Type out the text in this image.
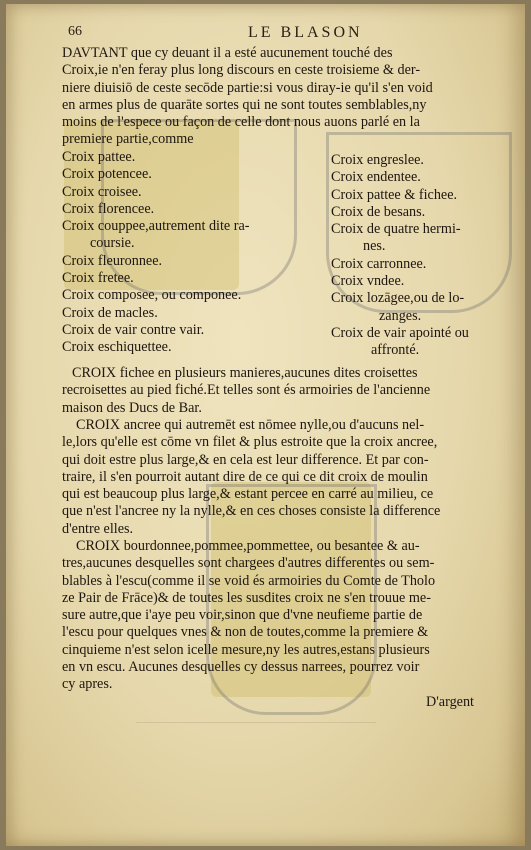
66	LE BLASON
DAVTANT que cy deuant il a esté aucunement touché des
Croix,ie n'en feray plus long discours en ceste troisieme & der-
niere diuisiō de ceste secōde partie:si vous diray-ie qu'il s'en void
en armes plus de quarāte sortes qui ne sont toutes semblables,ny
moins de l'espece ou façon de celle dont nous auons parlé en la
premiere partie,comme
Croix pattee.
Croix potencee.
Croix croisee.
Croix florencee.
Croix couppee,autrement dite ra-
coursie.
Croix fleuronnee.
Croix fretee.
Croix composee, ou componee.
Croix de macles.
Croix de vair contre vair.
Croix eschiquettee.
Croix engreslee.
Croix endentee.
Croix pattee & fichee.
Croix de besans.
Croix de quatre hermi-
nes.
Croix carronnee.
Croix vndee.
Croix lozāgee,ou de lo-
zanges.
Croix de vair apointé ou
affronté.
CROIX fichee en plusieurs manieres,aucunes dites croisettes
recroisettes au pied fiché.Et telles sont és armoiries de l'ancienne
maison des Ducs de Bar.
CROIX ancree qui autremēt est nōmee nylle,ou d'aucuns nel-
le,lors qu'elle est cōme vn filet & plus estroite que la croix ancree,
qui doit estre plus large,& en cela est leur difference. Et par con-
traire, il s'en pourroit autant dire de ce qui ce dit croix de moulin
qui est beaucoup plus large,& estant percee en carré au milieu, ce
que n'est l'ancree ny la nylle,& en ces choses consiste la difference
d'entre elles.
CROIX bourdonnee,pommee,pommettee, ou besantee & au-
tres,aucunes desquelles sont chargees d'autres differentes ou sem-
blables à l'escu(comme il se void és armoiries du Comte de Tholo
ze Pair de Frāce)& de toutes les susdites croix ne s'en trouue me-
sure autre,que i'aye peu voir,sinon que d'vne neufieme partie de
l'escu pour quelques vnes & non de toutes,comme la premiere &
cinquieme n'est selon icelle mesure,ny les autres,estans plusieurs
en vn escu. Aucunes desquelles cy dessus narrees, pourrez voir
cy apres.
D'argent
